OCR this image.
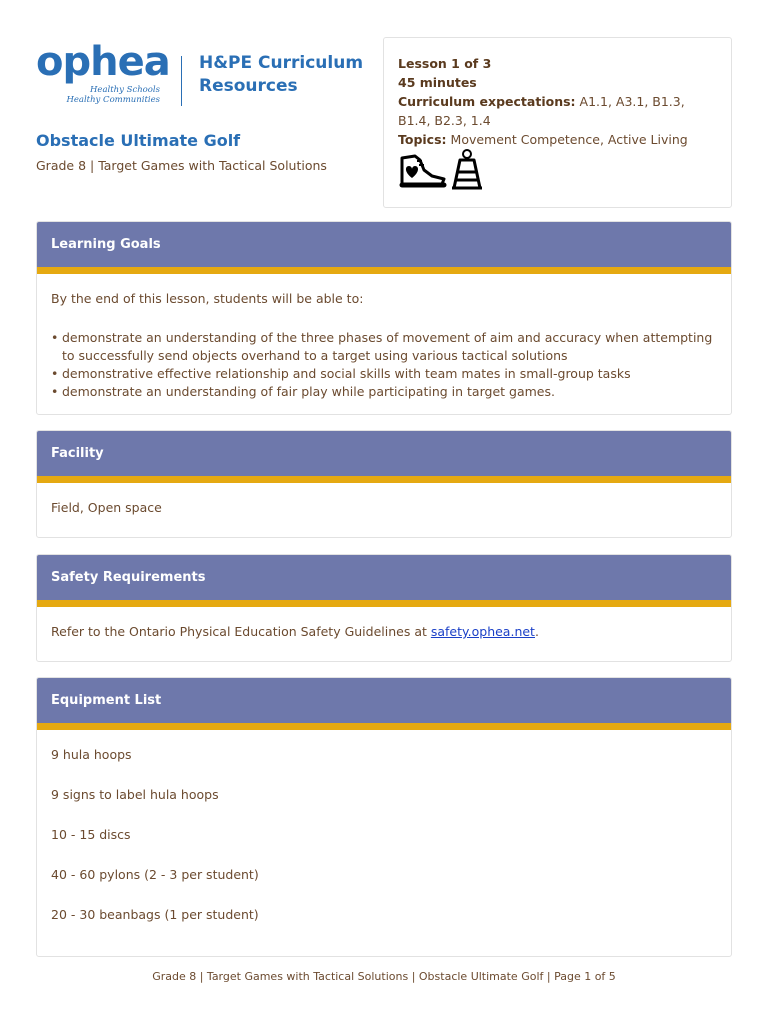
ophea
Healthy Schools
Healthy Communities
H&PE Curriculum
Resources
Obstacle Ultimate Golf
Grade 8 | Target Games with Tactical Solutions
Lesson 1 of 3
45 minutes
Curriculum expectations: A1.1, A3.1, B1.3, B1.4, B2.3, 1.4
Topics: Movement Competence, Active Living
Learning Goals
By the end of this lesson, students will be able to:
• demonstrate an understanding of the three phases of movement of aim and accuracy when attempting to successfully send objects overhand to a target using various tactical solutions
• demonstrative effective relationship and social skills with team mates in small-group tasks
• demonstrate an understanding of fair play while participating in target games.
Facility
Field, Open space
Safety Requirements
Refer to the Ontario Physical Education Safety Guidelines at safety.ophea.net.
Equipment List
9 hula hoops
9 signs to label hula hoops
10 - 15 discs
40 - 60 pylons (2 - 3 per student)
20 - 30 beanbags (1 per student)
Grade 8 | Target Games with Tactical Solutions | Obstacle Ultimate Golf | Page 1 of 5
